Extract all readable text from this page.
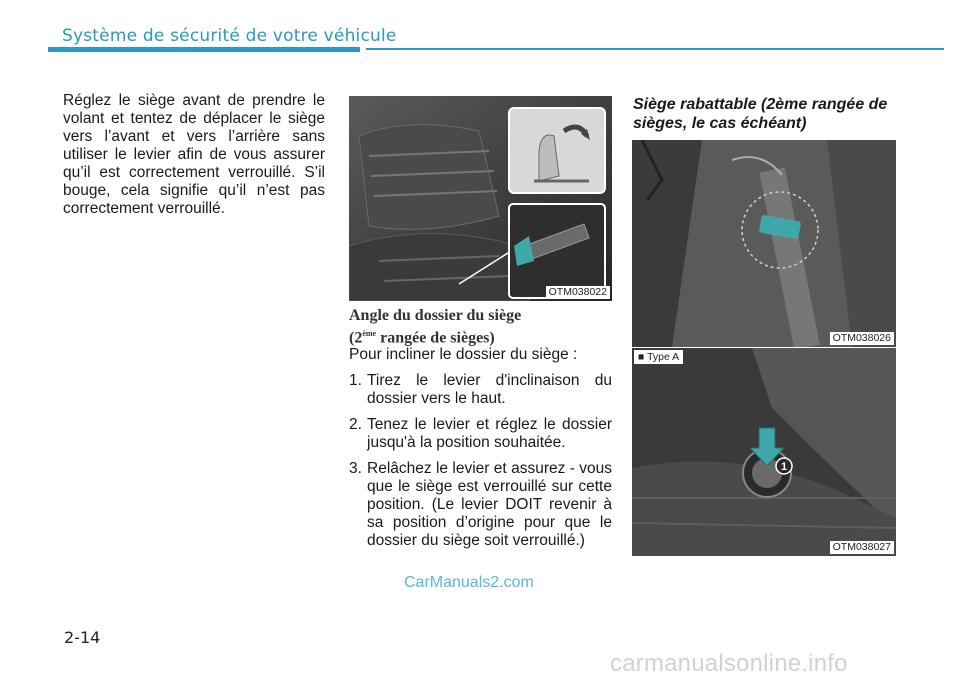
Système de sécurité de votre véhicule
Réglez le siège avant de prendre le volant et tentez de déplacer le siège vers l’avant et vers l’arrière sans utiliser le levier afin de vous assurer qu’il est correctement verrouillé. S’il bouge, cela signifie qu’il n’est pas correctement verrouillé.
OTM038022
Angle du dossier du siège
(2ème rangée de sièges)

Pour incliner le dossier du siège :

1. Tirez le levier d'inclinaison du dossier vers le haut.
2. Tenez le levier et réglez le dossier jusqu'à la position souhaitée.
3. Relâchez le levier et assurez - vous que le siège est verrouillé sur cette position. (Le levier DOIT revenir à sa position d’origine pour que le dossier du siège soit verrouillé.)
Siège rabattable (2ème rangée de sièges, le cas échéant)
OTM038026
■ Type A
1
OTM038027
CarManuals2.com
2-14
carmanualsonline.info
